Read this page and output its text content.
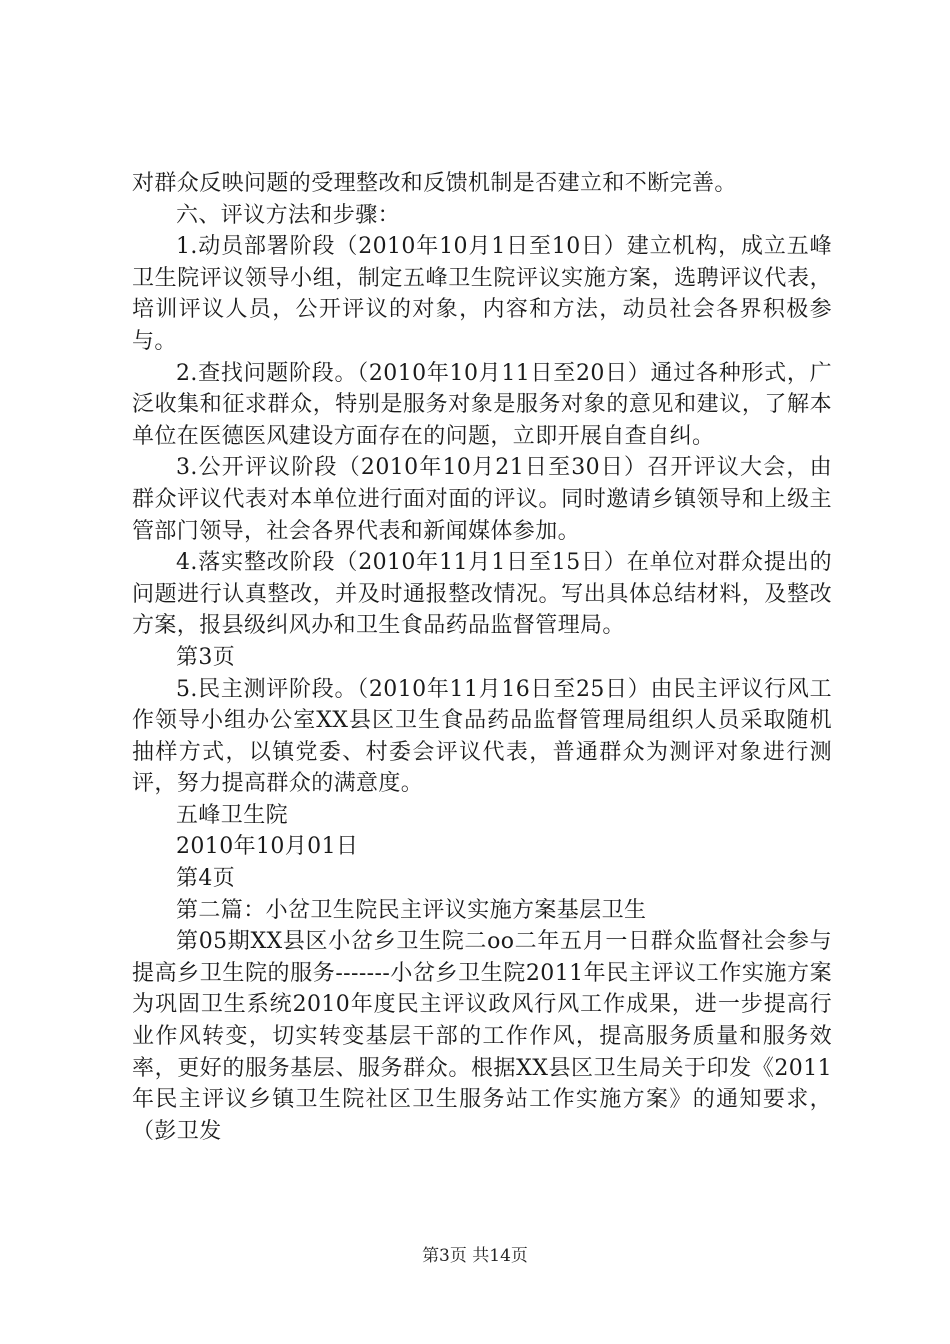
对群众反映问题的受理整改和反馈机制是否建立和不断完善。

六、评议方法和步骤：

1.动员部署阶段（2010年10月1日至10日）建立机构，成立五峰卫生院评议领导小组，制定五峰卫生院评议实施方案，选聘评议代表，培训评议人员，公开评议的对象，内容和方法，动员社会各界积极参与。

2.查找问题阶段。（2010年10月11日至20日）通过各种形式，广泛收集和征求群众，特别是服务对象是服务对象的意见和建议，了解本单位在医德医风建设方面存在的问题，立即开展自查自纠。

3.公开评议阶段（2010年10月21日至30日）召开评议大会，由群众评议代表对本单位进行面对面的评议。同时邀请乡镇领导和上级主管部门领导，社会各界代表和新闻媒体参加。

4.落实整改阶段（2010年11月1日至15日）在单位对群众提出的问题进行认真整改，并及时通报整改情况。写出具体总结材料，及整改方案，报县级纠风办和卫生食品药品监督管理局。

第3页

5.民主测评阶段。（2010年11月16日至25日）由民主评议行风工作领导小组办公室XX县区卫生食品药品监督管理局组织人员采取随机抽样方式，以镇党委、村委会评议代表，普通群众为测评对象进行测评，努力提高群众的满意度。

五峰卫生院

2010年10月01日

第4页

第二篇：小岔卫生院民主评议实施方案基层卫生

第05期XX县区小岔乡卫生院二oo二年五月一日群众监督社会参与提高乡卫生院的服务-------小岔乡卫生院2011年民主评议工作实施方案为巩固卫生系统2010年度民主评议政风行风工作成果，进一步提高行业作风转变，切实转变基层干部的工作作风，提高服务质量和服务效率，更好的服务基层、服务群众。根据XX县区卫生局关于印发《2011年民主评议乡镇卫生院社区卫生服务站工作实施方案》的通知要求，（彭卫发

第3页 共14页
